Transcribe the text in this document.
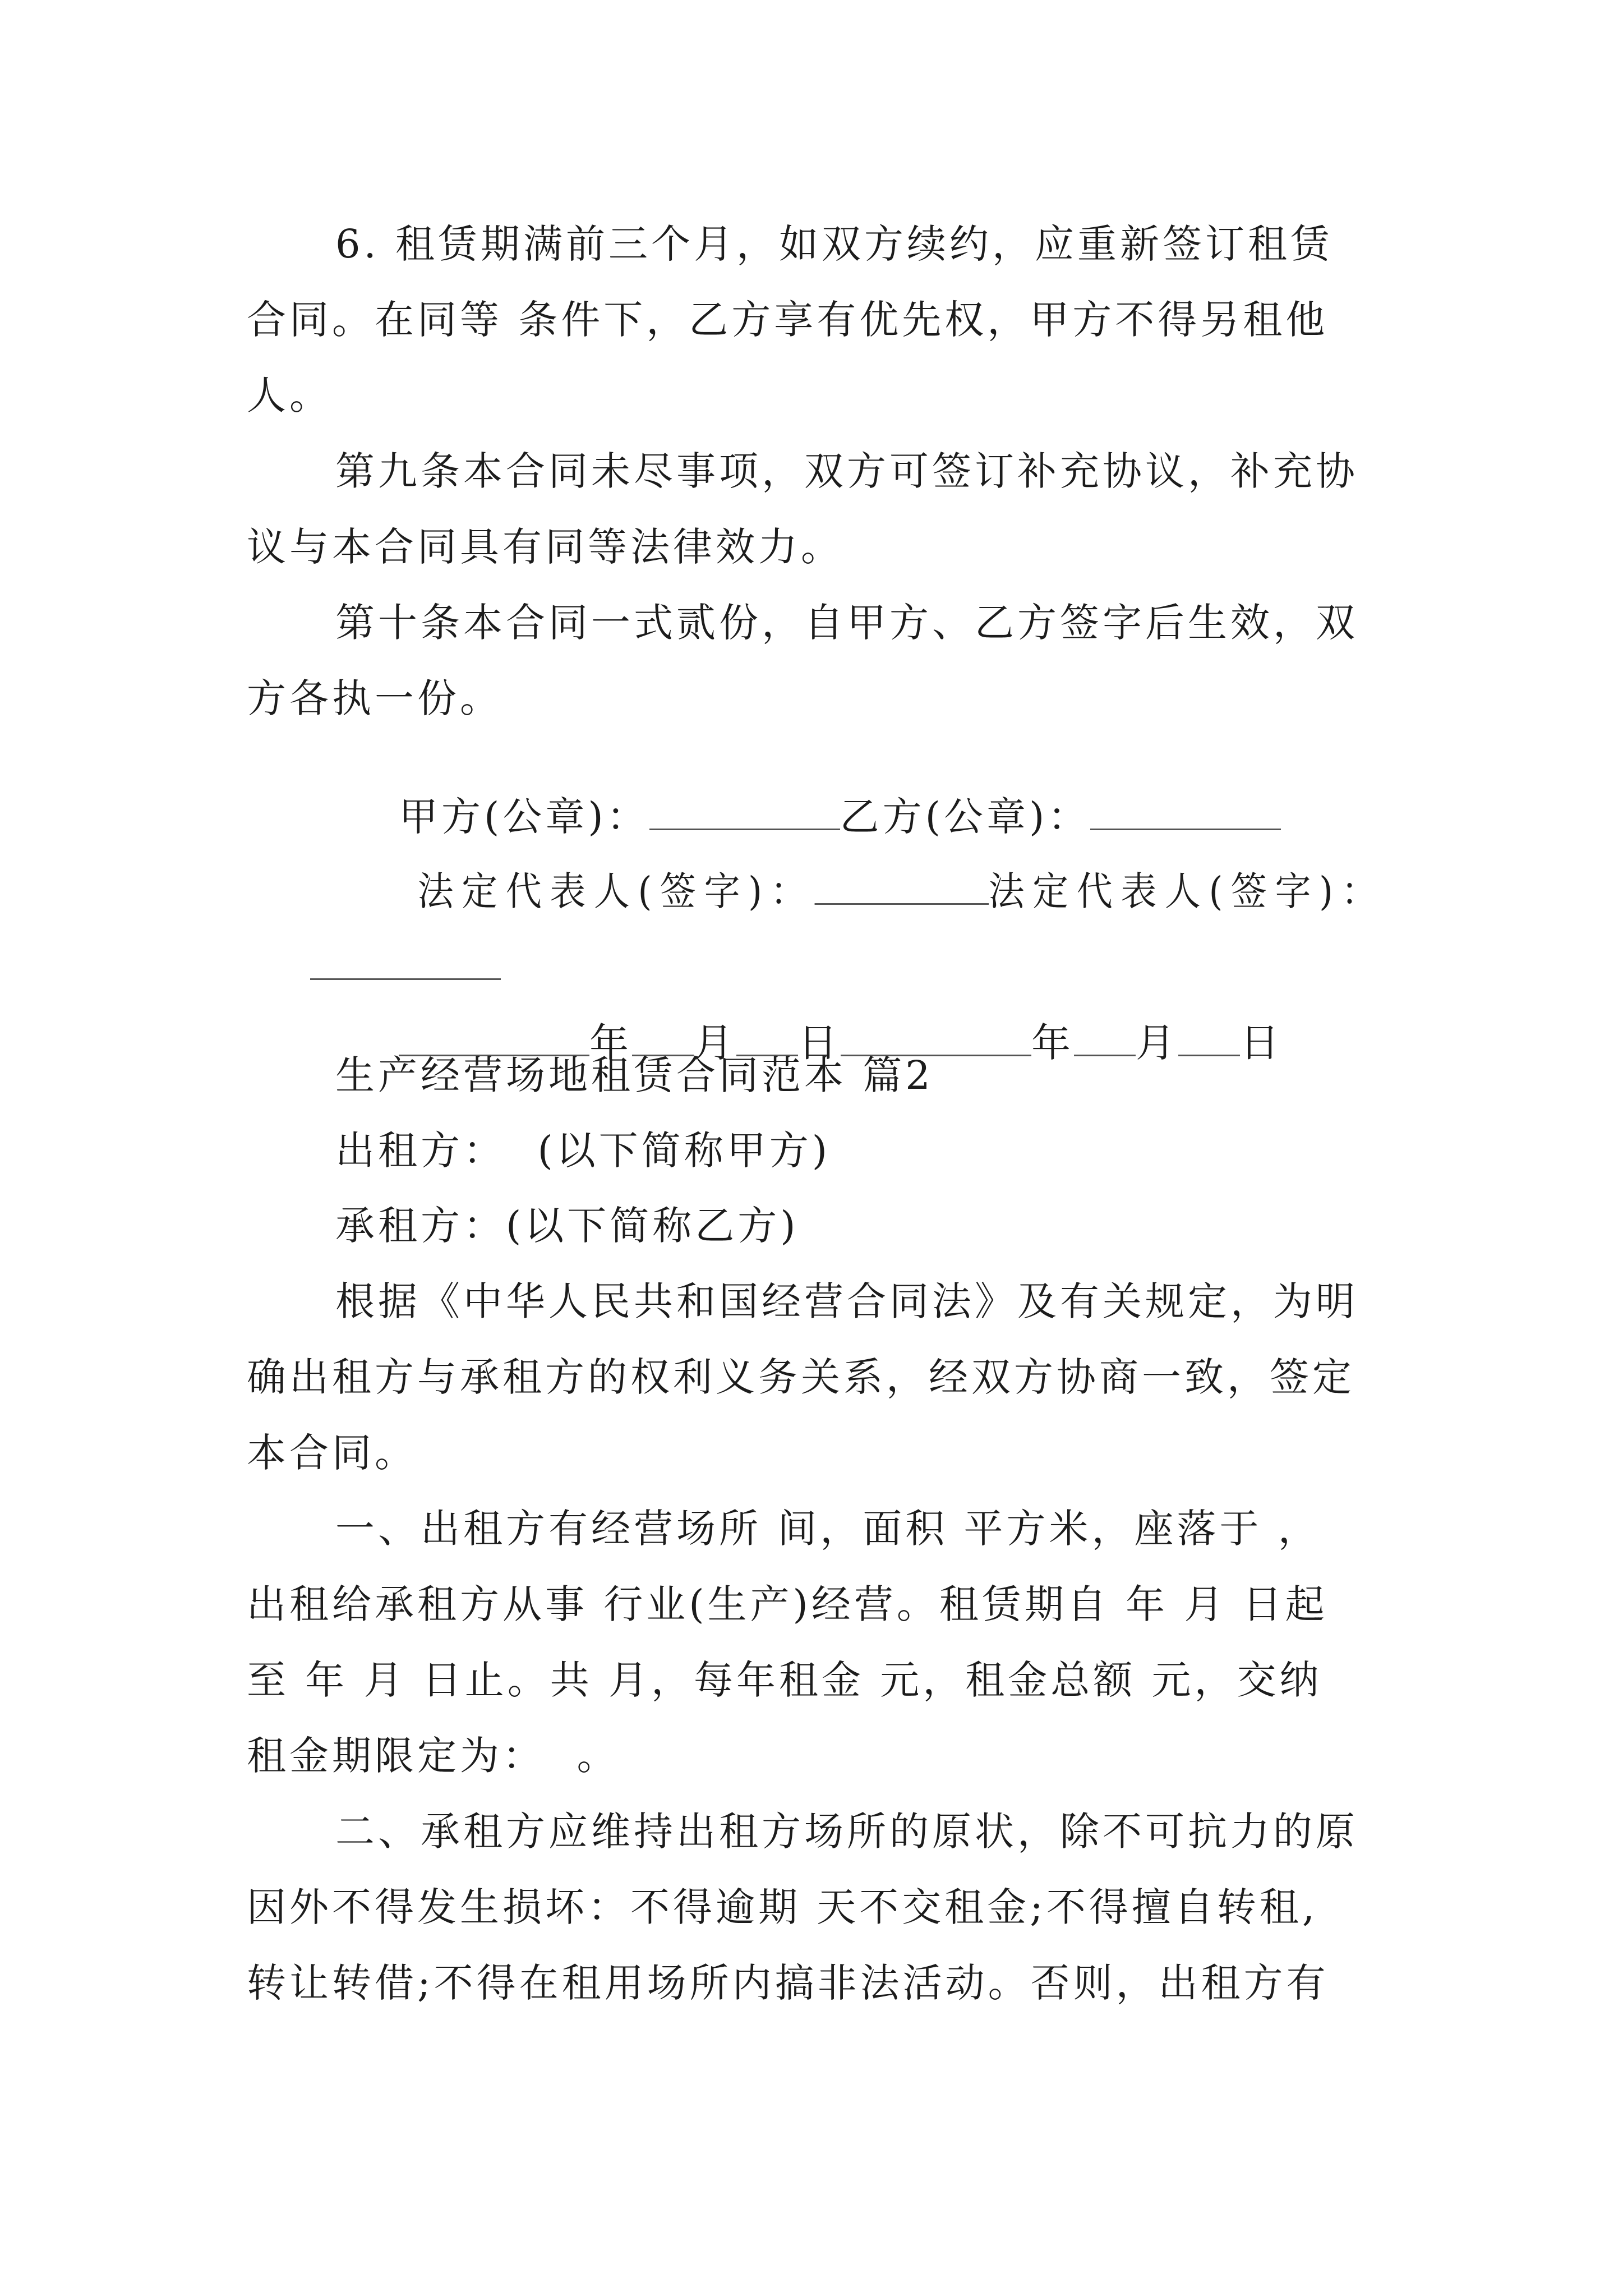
6. 租赁期满前三个月，如双方续约，应重新签订租赁
合同。在同等 条件下，乙方享有优先权，甲方不得另租他
人。
第九条本合同未尽事项，双方可签订补充协议，补充协
议与本合同具有同等法律效力。
第十条本合同一式贰份，自甲方、乙方签字后生效，双
方各执一份。

甲方(公章)：	乙方(公章)：

法定代表人(签字)：	法定代表人(签字)：

年 月 日	年 月 日

生产经营场地租赁合同范本 篇2
出租方：  (以下简称甲方)
承租方：(以下简称乙方)
根据《中华人民共和国经营合同法》及有关规定，为明
确出租方与承租方的权利义务关系，经双方协商一致，签定
本合同。
一、出租方有经营场所 间，面积 平方米，座落于 ，
出租给承租方从事 行业(生产)经营。租赁期自 年 月 日起
至 年 月 日止。共 月，每年租金 元，租金总额 元，交纳
租金期限定为：  。
二、承租方应维持出租方场所的原状，除不可抗力的原
因外不得发生损坏：不得逾期 天不交租金;不得擅自转租,
转让转借;不得在租用场所内搞非法活动。否则，出租方有
